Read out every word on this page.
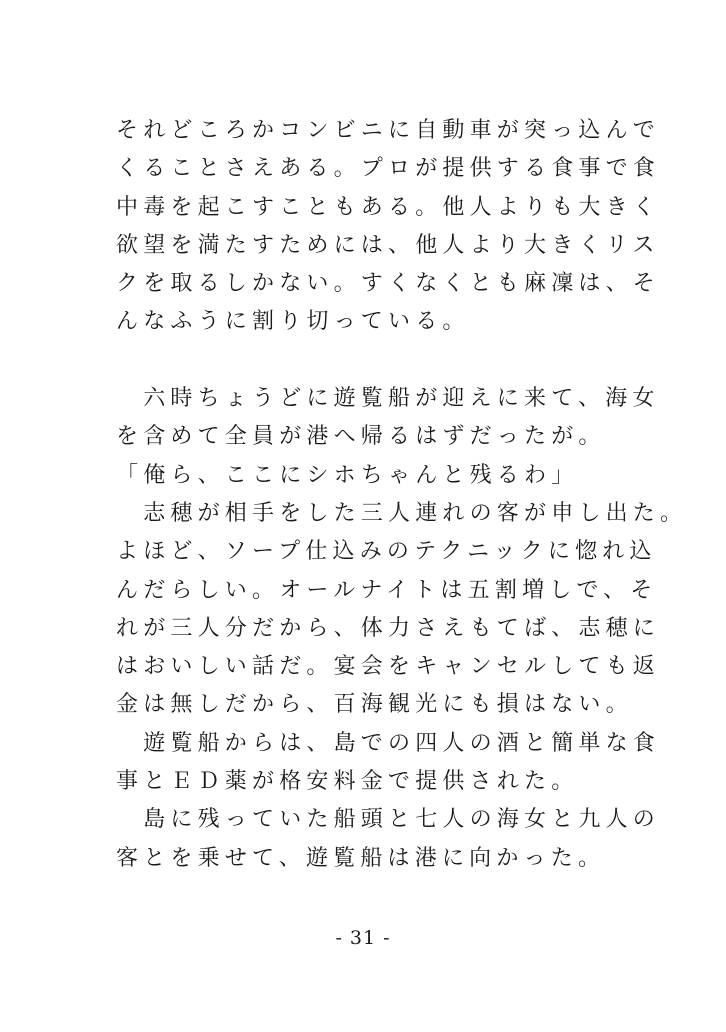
それどころかコンビニに自動車が突っ込んで
くることさえある。プロが提供する食事で食
中毒を起こすこともある。他人よりも大きく
欲望を満たすためには、他人より大きくリス
クを取るしかない。すくなくとも麻凜は、そ
んなふうに割り切っている。
　六時ちょうどに遊覧船が迎えに来て、海女
を含めて全員が港へ帰るはずだったが。
「俺ら、ここにシホちゃんと残るわ」
　志穂が相手をした三人連れの客が申し出た。
よほど、ソープ仕込みのテクニックに惚れ込
んだらしい。オールナイトは五割増しで、そ
れが三人分だから、体力さえもてば、志穂に
はおいしい話だ。宴会をキャンセルしても返
金は無しだから、百海観光にも損はない。
　遊覧船からは、島での四人の酒と簡単な食
事とＥＤ薬が格安料金で提供された。
　島に残っていた船頭と七人の海女と九人の
客とを乗せて、遊覧船は港に向かった。
- 31 -
